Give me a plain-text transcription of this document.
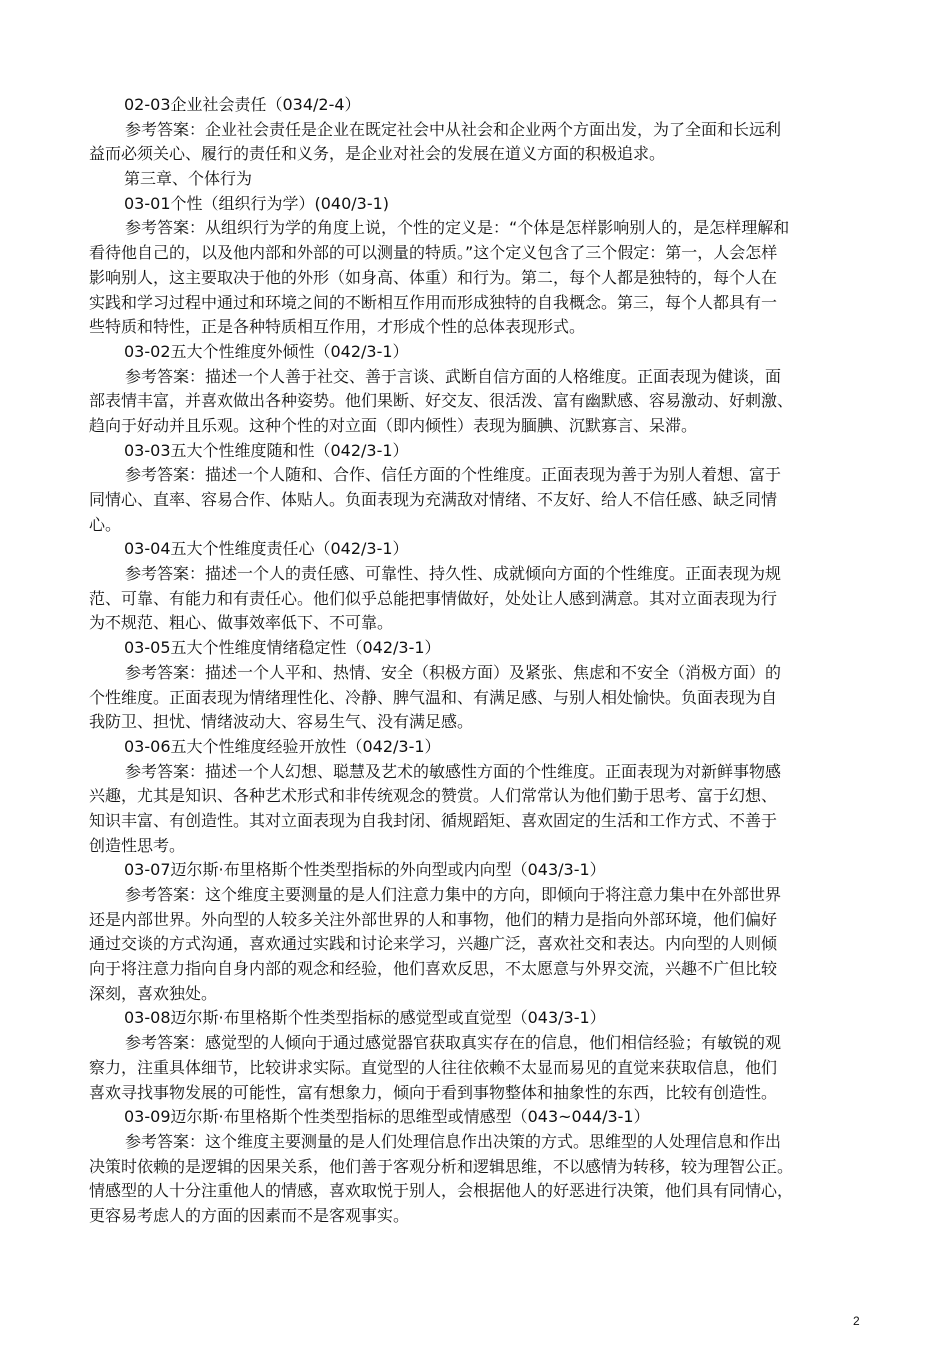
02-03企业社会责任（034/2-4）
参考答案：企业社会责任是企业在既定社会中从社会和企业两个方面出发，为了全面和长远利
益而必须关心、履行的责任和义务，是企业对社会的发展在道义方面的积极追求。
第三章、个体行为
03-01个性（组织行为学）(040/3-1)
参考答案：从组织行为学的角度上说，个性的定义是：“个体是怎样影响别人的，是怎样理解和
看待他自己的，以及他内部和外部的可以测量的特质。”这个定义包含了三个假定：第一，人会怎样
影响别人，这主要取决于他的外形（如身高、体重）和行为。第二，每个人都是独特的，每个人在
实践和学习过程中通过和环境之间的不断相互作用而形成独特的自我概念。第三，每个人都具有一
些特质和特性，正是各种特质相互作用，才形成个性的总体表现形式。
03-02五大个性维度外倾性（042/3-1）
参考答案：描述一个人善于社交、善于言谈、武断自信方面的人格维度。正面表现为健谈，面
部表情丰富，并喜欢做出各种姿势。他们果断、好交友、很活泼、富有幽默感、容易激动、好刺激、
趋向于好动并且乐观。这种个性的对立面（即内倾性）表现为腼腆、沉默寡言、呆滞。
03-03五大个性维度随和性（042/3-1）
参考答案：描述一个人随和、合作、信任方面的个性维度。正面表现为善于为别人着想、富于
同情心、直率、容易合作、体贴人。负面表现为充满敌对情绪、不友好、给人不信任感、缺乏同情
心。
03-04五大个性维度责任心（042/3-1）
参考答案：描述一个人的责任感、可靠性、持久性、成就倾向方面的个性维度。正面表现为规
范、可靠、有能力和有责任心。他们似乎总能把事情做好，处处让人感到满意。其对立面表现为行
为不规范、粗心、做事效率低下、不可靠。
03-05五大个性维度情绪稳定性（042/3-1）
参考答案：描述一个人平和、热情、安全（积极方面）及紧张、焦虑和不安全（消极方面）的
个性维度。正面表现为情绪理性化、冷静、脾气温和、有满足感、与别人相处愉快。负面表现为自
我防卫、担忧、情绪波动大、容易生气、没有满足感。
03-06五大个性维度经验开放性（042/3-1）
参考答案：描述一个人幻想、聪慧及艺术的敏感性方面的个性维度。正面表现为对新鲜事物感
兴趣，尤其是知识、各种艺术形式和非传统观念的赞赏。人们常常认为他们勤于思考、富于幻想、
知识丰富、有创造性。其对立面表现为自我封闭、循规蹈矩、喜欢固定的生活和工作方式、不善于
创造性思考。
03-07迈尔斯·布里格斯个性类型指标的外向型或内向型（043/3-1）
参考答案：这个维度主要测量的是人们注意力集中的方向，即倾向于将注意力集中在外部世界
还是内部世界。外向型的人较多关注外部世界的人和事物，他们的精力是指向外部环境，他们偏好
通过交谈的方式沟通，喜欢通过实践和讨论来学习，兴趣广泛，喜欢社交和表达。内向型的人则倾
向于将注意力指向自身内部的观念和经验，他们喜欢反思，不太愿意与外界交流，兴趣不广但比较
深刻，喜欢独处。
03-08迈尔斯·布里格斯个性类型指标的感觉型或直觉型（043/3-1）
参考答案：感觉型的人倾向于通过感觉器官获取真实存在的信息，他们相信经验；有敏锐的观
察力，注重具体细节，比较讲求实际。直觉型的人往往依赖不太显而易见的直觉来获取信息，他们
喜欢寻找事物发展的可能性，富有想象力，倾向于看到事物整体和抽象性的东西，比较有创造性。
03-09迈尔斯·布里格斯个性类型指标的思维型或情感型（043~044/3-1）
参考答案：这个维度主要测量的是人们处理信息作出决策的方式。思维型的人处理信息和作出
决策时依赖的是逻辑的因果关系，他们善于客观分析和逻辑思维，不以感情为转移，较为理智公正。
情感型的人十分注重他人的情感，喜欢取悦于别人，会根据他人的好恶进行决策，他们具有同情心，
更容易考虑人的方面的因素而不是客观事实。
2
